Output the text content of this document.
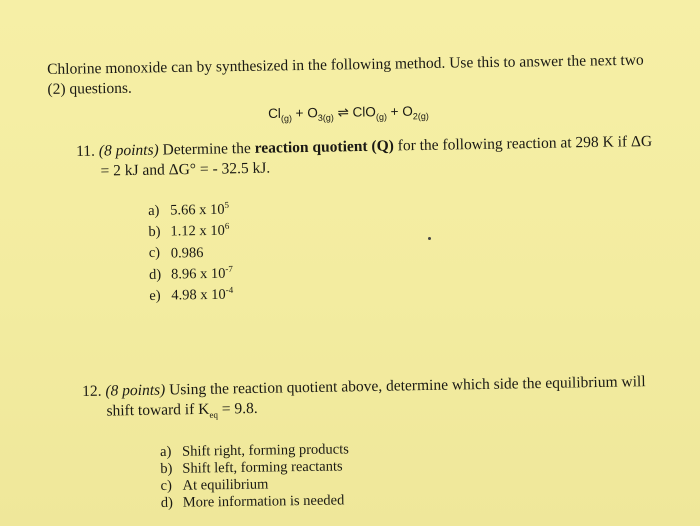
Chlorine monoxide can by synthesized in the following method. Use this to answer the next two
(2) questions.
$Cl_{(g)} + O_{3(g)}$ ⇌ $ClO_{(g)} + O_{2(g)}$
11. (8 points) Determine the reaction quotient (Q) for the following reaction at 298 K if ΔG
= 2 kJ and ΔG° = - 32.5 kJ.
a) 5.66 x $10^5$
b) 1.12 x $10^6$
c) 0.986
d) 8.96 x $10^{-7}$
e) 4.98 x $10^{-4}$
12. (8 points) Using the reaction quotient above, determine which side the equilibrium will
shift toward if $K_{eq} = 9.8$.
a) Shift right, forming products
b) Shift left, forming reactants
c) At equilibrium
d) More information is needed
